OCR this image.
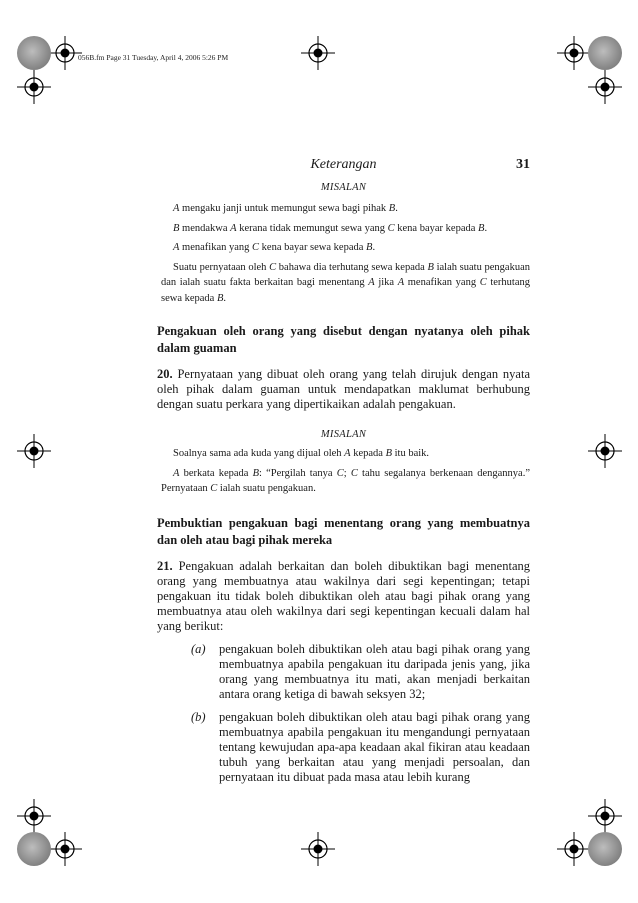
056B.fm Page 31 Tuesday, April 4, 2006 5:26 PM
Keterangan	31
MISALAN

A mengaku janji untuk memungut sewa bagi pihak B.

B mendakwa A kerana tidak memungut sewa yang C kena bayar kepada B.

A menafikan yang C kena bayar sewa kepada B.

Suatu pernyataan oleh C bahawa dia terhutang sewa kepada B ialah suatu pengakuan dan ialah suatu fakta berkaitan bagi menentang A jika A menafikan yang C terhutang sewa kepada B.

Pengakuan oleh orang yang disebut dengan nyatanya oleh pihak dalam guaman
20. Pernyataan yang dibuat oleh orang yang telah dirujuk dengan nyata oleh pihak dalam guaman untuk mendapatkan maklumat berhubung dengan suatu perkara yang dipertikaikan adalah pengakuan.
MISALAN

Soalnya sama ada kuda yang dijual oleh A kepada B itu baik.

A berkata kepada B: “Pergilah tanya C; C tahu segalanya berkenaan dengannya.” Pernyataan C ialah suatu pengakuan.

Pembuktian pengakuan bagi menentang orang yang membuatnya dan oleh atau bagi pihak mereka
21. Pengakuan adalah berkaitan dan boleh dibuktikan bagi menentang orang yang membuatnya atau wakilnya dari segi kepentingan; tetapi pengakuan itu tidak boleh dibuktikan oleh atau bagi pihak orang yang membuatnya atau oleh wakilnya dari segi kepentingan kecuali dalam hal yang berikut:
(a) pengakuan boleh dibuktikan oleh atau bagi pihak orang yang membuatnya apabila pengakuan itu daripada jenis yang, jika orang yang membuatnya itu mati, akan menjadi berkaitan antara orang ketiga di bawah seksyen 32;
(b) pengakuan boleh dibuktikan oleh atau bagi pihak orang yang membuatnya apabila pengakuan itu mengandungi pernyataan tentang kewujudan apa-apa keadaan akal fikiran atau keadaan tubuh yang berkaitan atau yang menjadi persoalan, dan pernyataan itu dibuat pada masa atau lebih kurang
